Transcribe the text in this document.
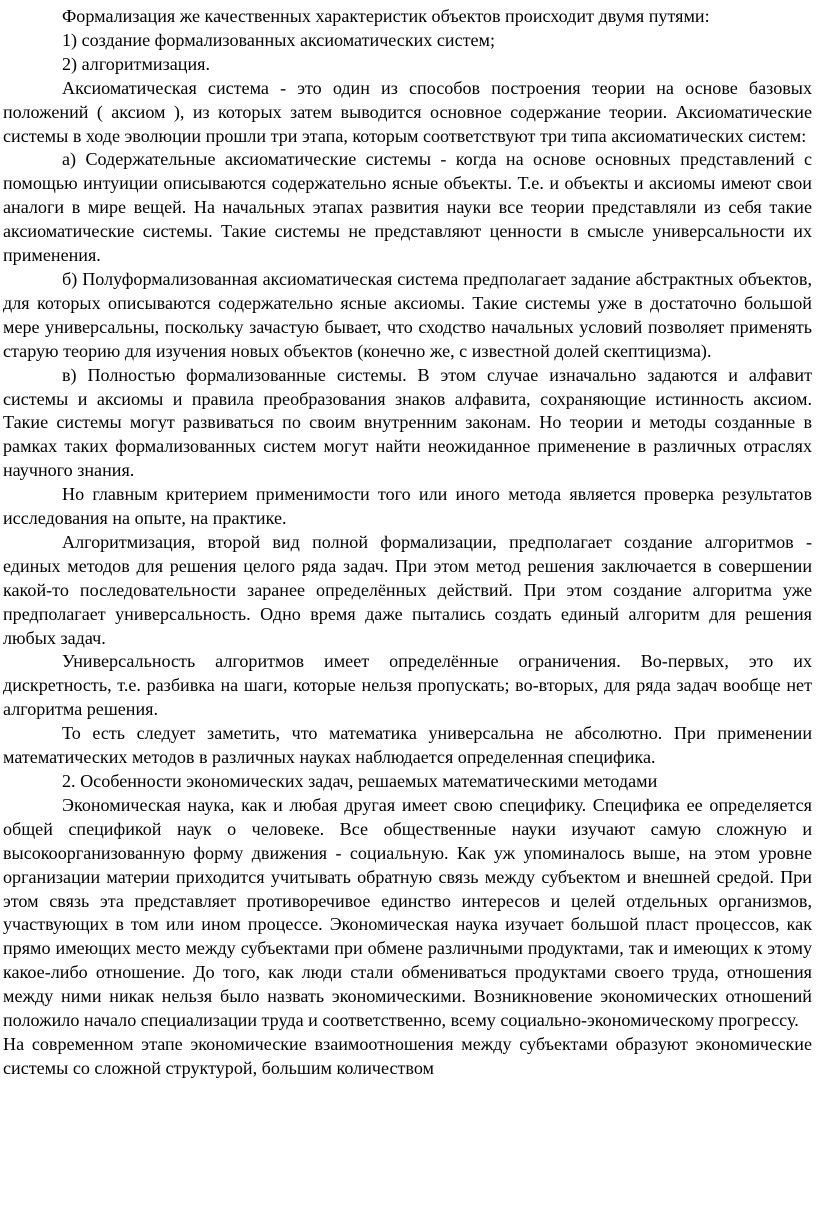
Формализация же качественных характеристик объектов происходит двумя путями:

1) создание формализованных аксиоматических систем;

2) алгоритмизация.

Аксиоматическая система - это один из способов построения теории на основе базовых положений ( аксиом ), из которых затем выводится основное содержание теории. Аксиоматические системы в ходе эволюции прошли три этапа, которым соответствуют три типа аксиоматических систем:

а) Содержательные аксиоматические системы - когда на основе основных представлений с помощью интуиции описываются содержательно ясные объекты. Т.е. и объекты и аксиомы имеют свои аналоги в мире вещей. На начальных этапах развития науки все теории представляли из себя такие аксиоматические системы. Такие системы не представляют ценности в смысле универсальности их применения.

б) Полуформализованная аксиоматическая система предполагает задание абстрактных объектов, для которых описываются содержательно ясные аксиомы. Такие системы уже в достаточно большой мере универсальны, поскольку зачастую бывает, что сходство начальных условий позволяет применять старую теорию для изучения новых объектов (конечно же, с известной долей скептицизма).

в) Полностью формализованные системы. В этом случае изначально задаются и алфавит системы и аксиомы и правила преобразования знаков алфавита, сохраняющие истинность аксиом. Такие системы могут развиваться по своим внутренним законам. Но теории и методы созданные в рамках таких формализованных систем могут найти неожиданное применение в различных отраслях научного знания.

Но главным критерием применимости того или иного метода является проверка результатов исследования на опыте, на практике.

Алгоритмизация, второй вид полной формализации, предполагает создание алгоритмов - единых методов для решения целого ряда задач. При этом метод решения заключается в совершении какой-то последовательности заранее определённых действий. При этом создание алгоритма уже предполагает универсальность. Одно время даже пытались создать единый алгоритм для решения любых задач.

Универсальность алгоритмов имеет определённые ограничения. Во-первых, это их дискретность, т.е. разбивка на шаги, которые нельзя пропускать; во-вторых, для ряда задач вообще нет алгоритма решения.

То есть следует заметить, что математика универсальна не абсолютно. При применении математических методов в различных науках наблюдается определенная специфика.

2. Особенности экономических задач, решаемых математическими методами

Экономическая наука, как и любая другая имеет свою специфику. Специфика ее определяется общей спецификой наук о человеке. Все общественные науки изучают самую сложную и высокоорганизованную форму движения - социальную. Как уж упоминалось выше, на этом уровне организации материи приходится учитывать обратную связь между субъектом и внешней средой. При этом связь эта представляет противоречивое единство интересов и целей отдельных организмов, участвующих в том или ином процессе. Экономическая наука изучает большой пласт процессов, как прямо имеющих место между субъектами при обмене различными продуктами, так и имеющих к этому какое-либо отношение. До того, как люди стали обмениваться продуктами своего труда, отношения между ними никак нельзя было назвать экономическими. Возникновение экономических отношений положило начало специализации труда и соответственно, всему социально-экономическому прогрессу.

На современном этапе экономические взаимоотношения между субъектами образуют экономические системы со сложной структурой, большим количеством
